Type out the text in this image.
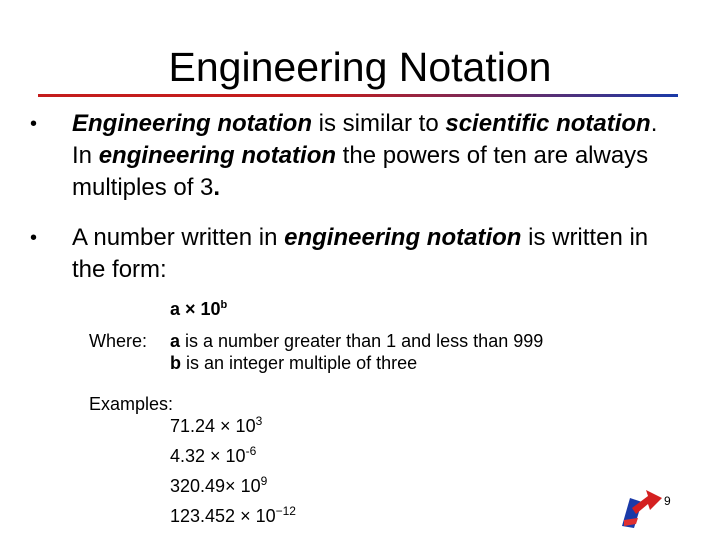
Engineering Notation
•	Engineering notation is similar to scientific notation. In engineering notation the powers of ten are always multiples of 3.
•	A number written in engineering notation is written in the form:
$a \times 10^b$
Where: a is a number greater than 1 and less than 999
b is an integer multiple of three
Examples:
$71.24 \times 10^3$
$4.32 \times 10^{-6}$
$320.49\times 10^9$
$123.452 \times 10^{-12}$
9
